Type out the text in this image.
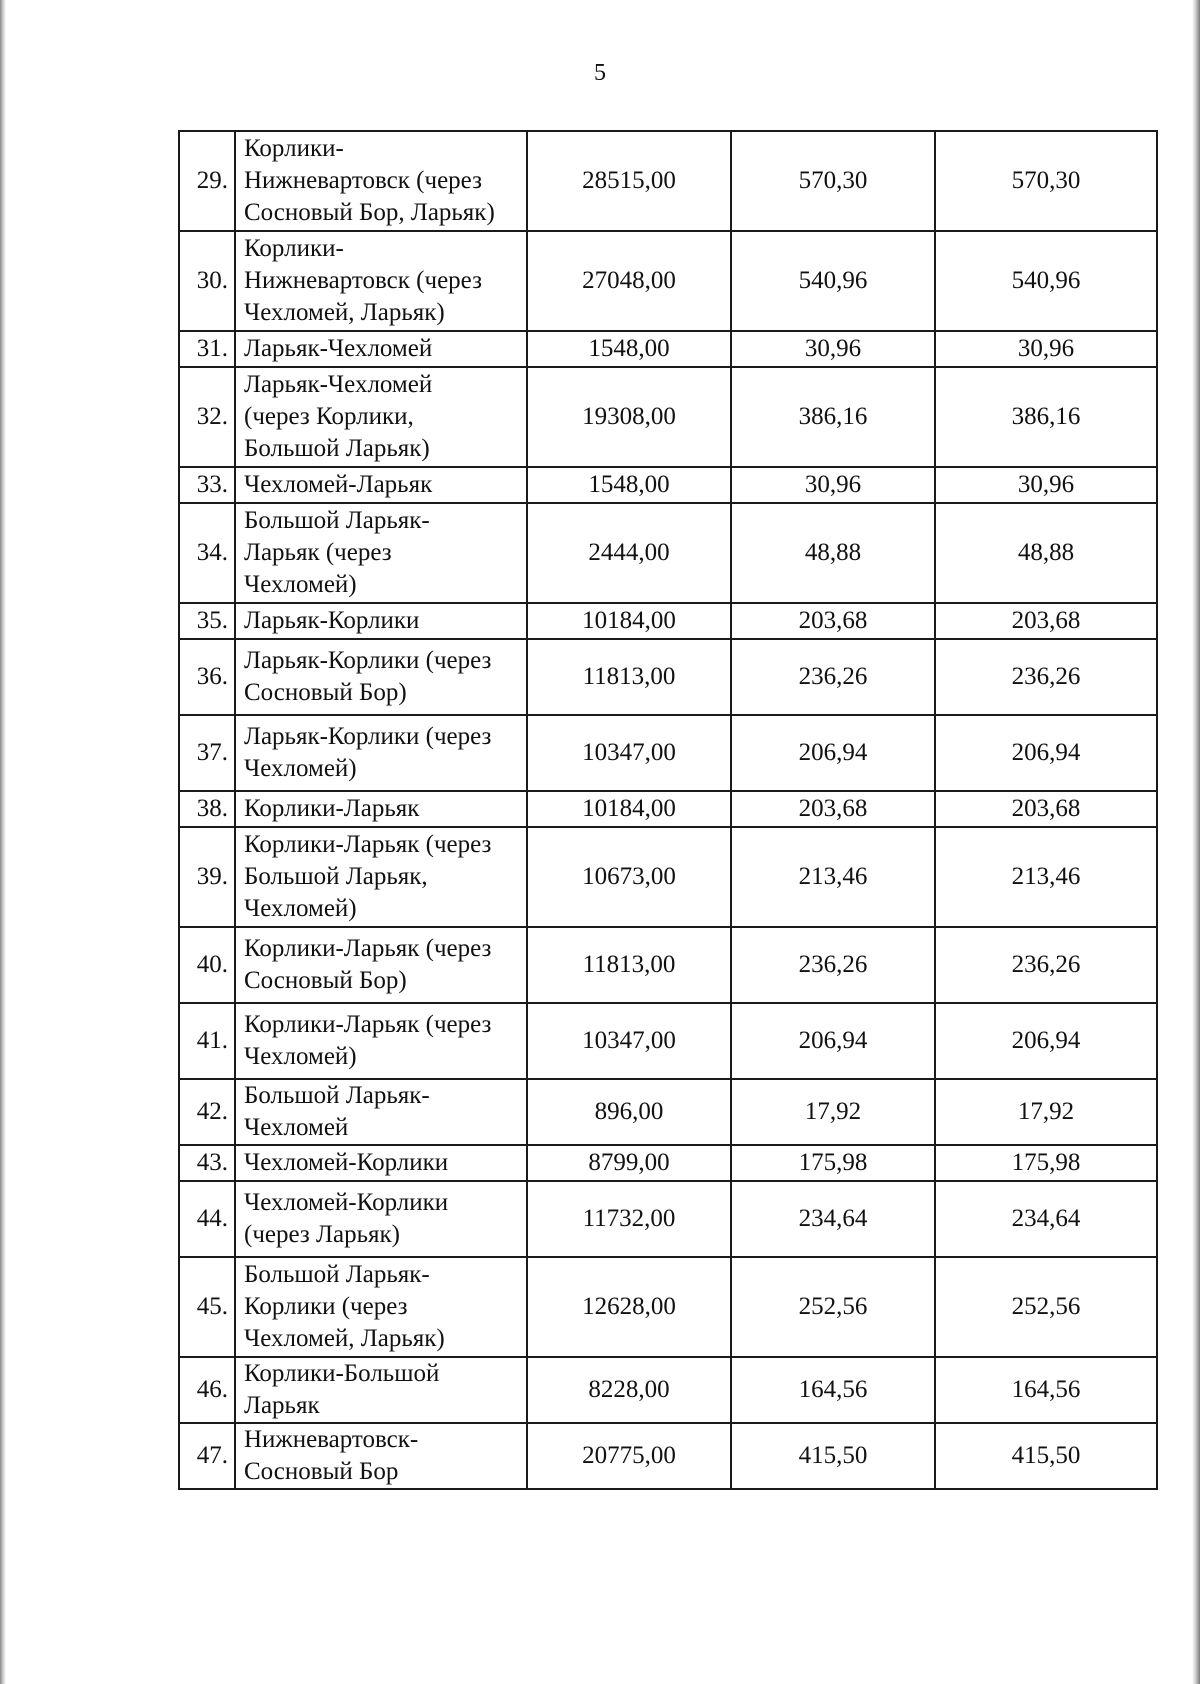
5
29.	Корлики-
Нижневартовск (через
Сосновый Бор, Ларьяк)	28515,00	570,30	570,30
30.	Корлики-
Нижневартовск (через
Чехломей, Ларьяк)	27048,00	540,96	540,96
31.	Ларьяк-Чехломей	1548,00	30,96	30,96
32.	Ларьяк-Чехломей
(через Корлики,
Большой Ларьяк)	19308,00	386,16	386,16
33.	Чехломей-Ларьяк	1548,00	30,96	30,96
34.	Большой Ларьяк-
Ларьяк (через
Чехломей)	2444,00	48,88	48,88
35.	Ларьяк-Корлики	10184,00	203,68	203,68
36.	Ларьяк-Корлики (через
Сосновый Бор)	11813,00	236,26	236,26
37.	Ларьяк-Корлики (через
Чехломей)	10347,00	206,94	206,94
38.	Корлики-Ларьяк	10184,00	203,68	203,68
39.	Корлики-Ларьяк (через
Большой Ларьяк,
Чехломей)	10673,00	213,46	213,46
40.	Корлики-Ларьяк (через
Сосновый Бор)	11813,00	236,26	236,26
41.	Корлики-Ларьяк (через
Чехломей)	10347,00	206,94	206,94
42.	Большой Ларьяк-
Чехломей	896,00	17,92	17,92
43.	Чехломей-Корлики	8799,00	175,98	175,98
44.	Чехломей-Корлики
(через Ларьяк)	11732,00	234,64	234,64
45.	Большой Ларьяк-
Корлики (через
Чехломей, Ларьяк)	12628,00	252,56	252,56
46.	Корлики-Большой
Ларьяк	8228,00	164,56	164,56
47.	Нижневартовск-
Сосновый Бор	20775,00	415,50	415,50
